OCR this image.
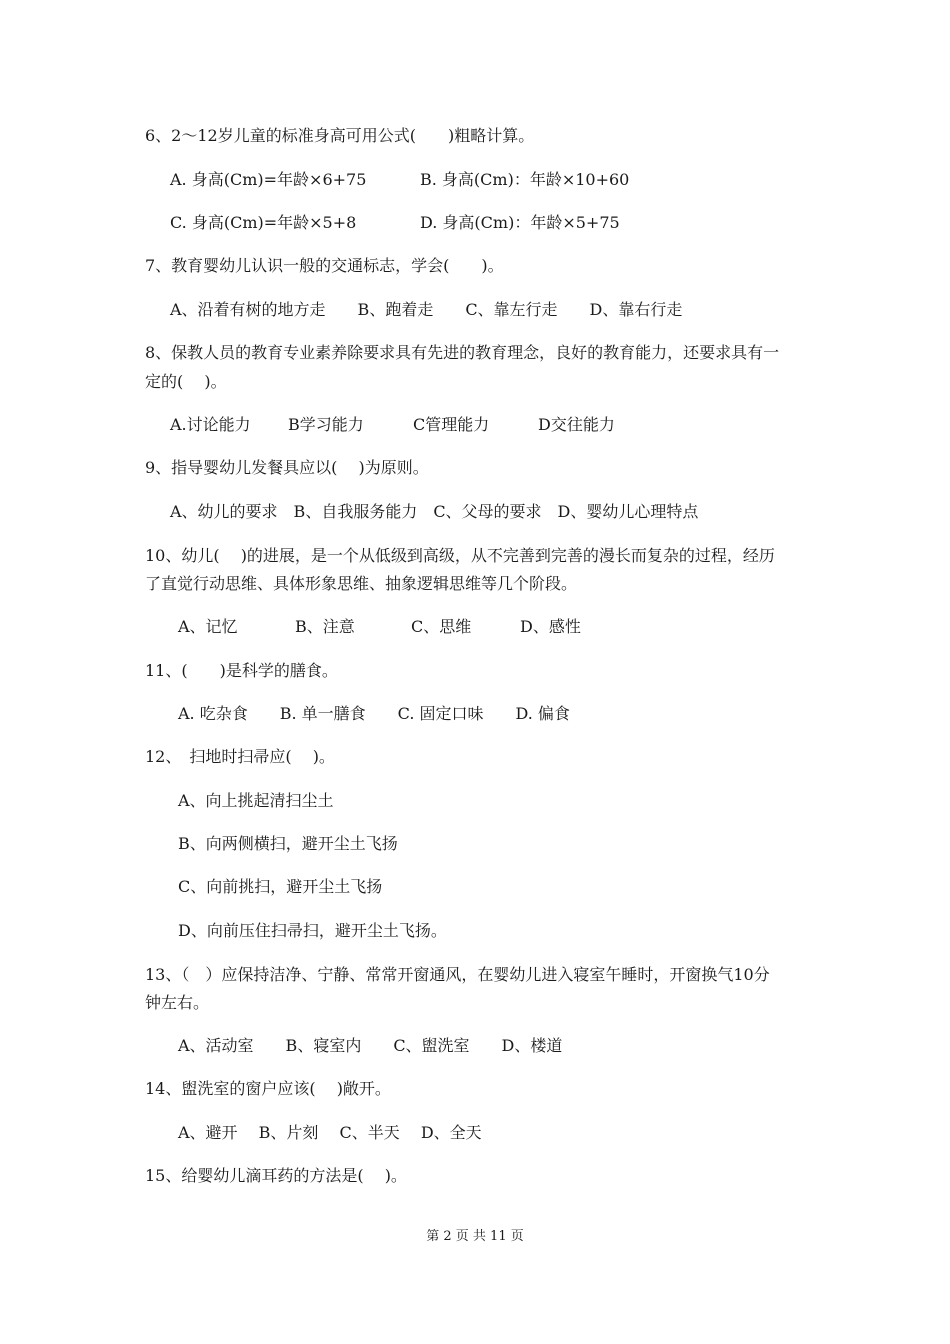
6、2～12岁儿童的标准身高可用公式(　　)粗略计算。

A. 身高(Cm)=年龄×6+75

	B. 身高(Cm)：年龄×10+60

C. 身高(Cm)=年龄×5+8

	D. 身高(Cm)：年龄×5+75

7、教育婴幼儿认识一般的交通标志，学会(　　)。
A、沿着有树的地方走　　B、跑着走　　C、靠左行走　　D、靠右行走
8、保教人员的教育专业素养除要求具有先进的教育理念，良好的教育能力，还要求具有一
定的(　 )。

A.讨论能力

B学习能力

	C管理能力

	D交往能力

9、指导婴幼儿发餐具应以(　 )为原则。
A、幼儿的要求　B、自我服务能力　C、父母的要求　D、婴幼儿心理特点
10、幼儿(　 )的进展，是一个从低级到高级，从不完善到完善的漫长而复杂的过程，经历
了直觉行动思维、具体形象思维、抽象逻辑思维等几个阶段。

A、记忆

	B、注意

	C、思维

	D、感性

11、(　　)是科学的膳食。
A. 吃杂食　　B. 单一膳食　　C. 固定口味　　D. 偏食
12、　扫地时扫帚应(　 )。
A、向上挑起清扫尘土
B、向两侧横扫，避开尘土飞扬
C、向前挑扫，避开尘土飞扬
D、向前压住扫帚扫，避开尘土飞扬。
13、（　）应保持洁净、宁静、常常开窗通风，在婴幼儿进入寝室午睡时，开窗换气10分
钟左右。
A、活动室　　B、寝室内　　C、盥洗室　　D、楼道
14、盥洗室的窗户应该(　 )敞开。
A、避开　 B、片刻　 C、半天　 D、全天
15、给婴幼儿滴耳药的方法是(　 )。
第 2 页 共 11 页
